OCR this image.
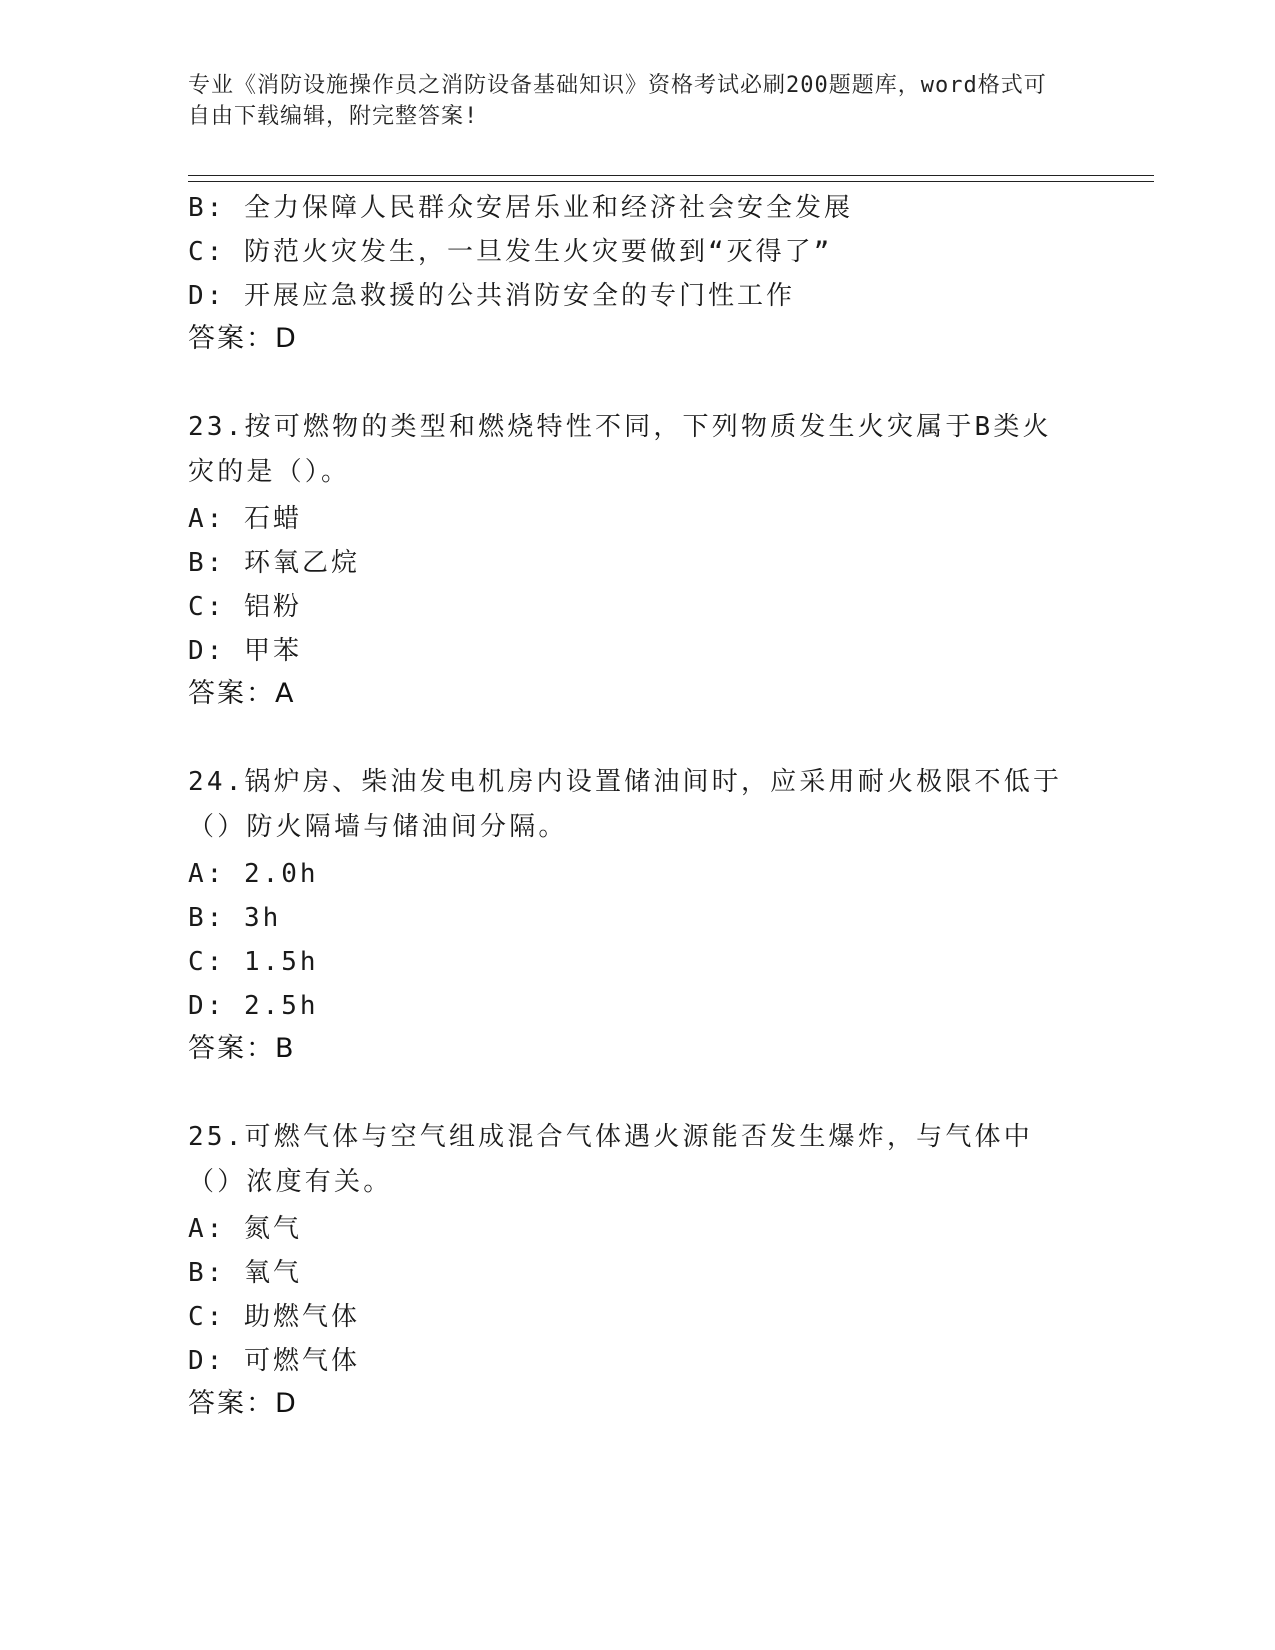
专业《消防设施操作员之消防设备基础知识》资格考试必刷200题题库，word格式可自由下载编辑，附完整答案!
B: 全力保障人民群众安居乐业和经济社会安全发展
C: 防范火灾发生，一旦发生火灾要做到“灭得了”
D: 开展应急救援的公共消防安全的专门性工作
答案：D
23.按可燃物的类型和燃烧特性不同，下列物质发生火灾属于B类火灾的是（）。
A: 石蜡
B: 环氧乙烷
C: 铝粉
D: 甲苯
答案：A
24.锅炉房、柴油发电机房内设置储油间时，应采用耐火极限不低于（）防火隔墙与储油间分隔。
A: 2.0h
B: 3h
C: 1.5h
D: 2.5h
答案：B
25.可燃气体与空气组成混合气体遇火源能否发生爆炸，与气体中（）浓度有关。
A: 氮气
B: 氧气
C: 助燃气体
D: 可燃气体
答案：D
